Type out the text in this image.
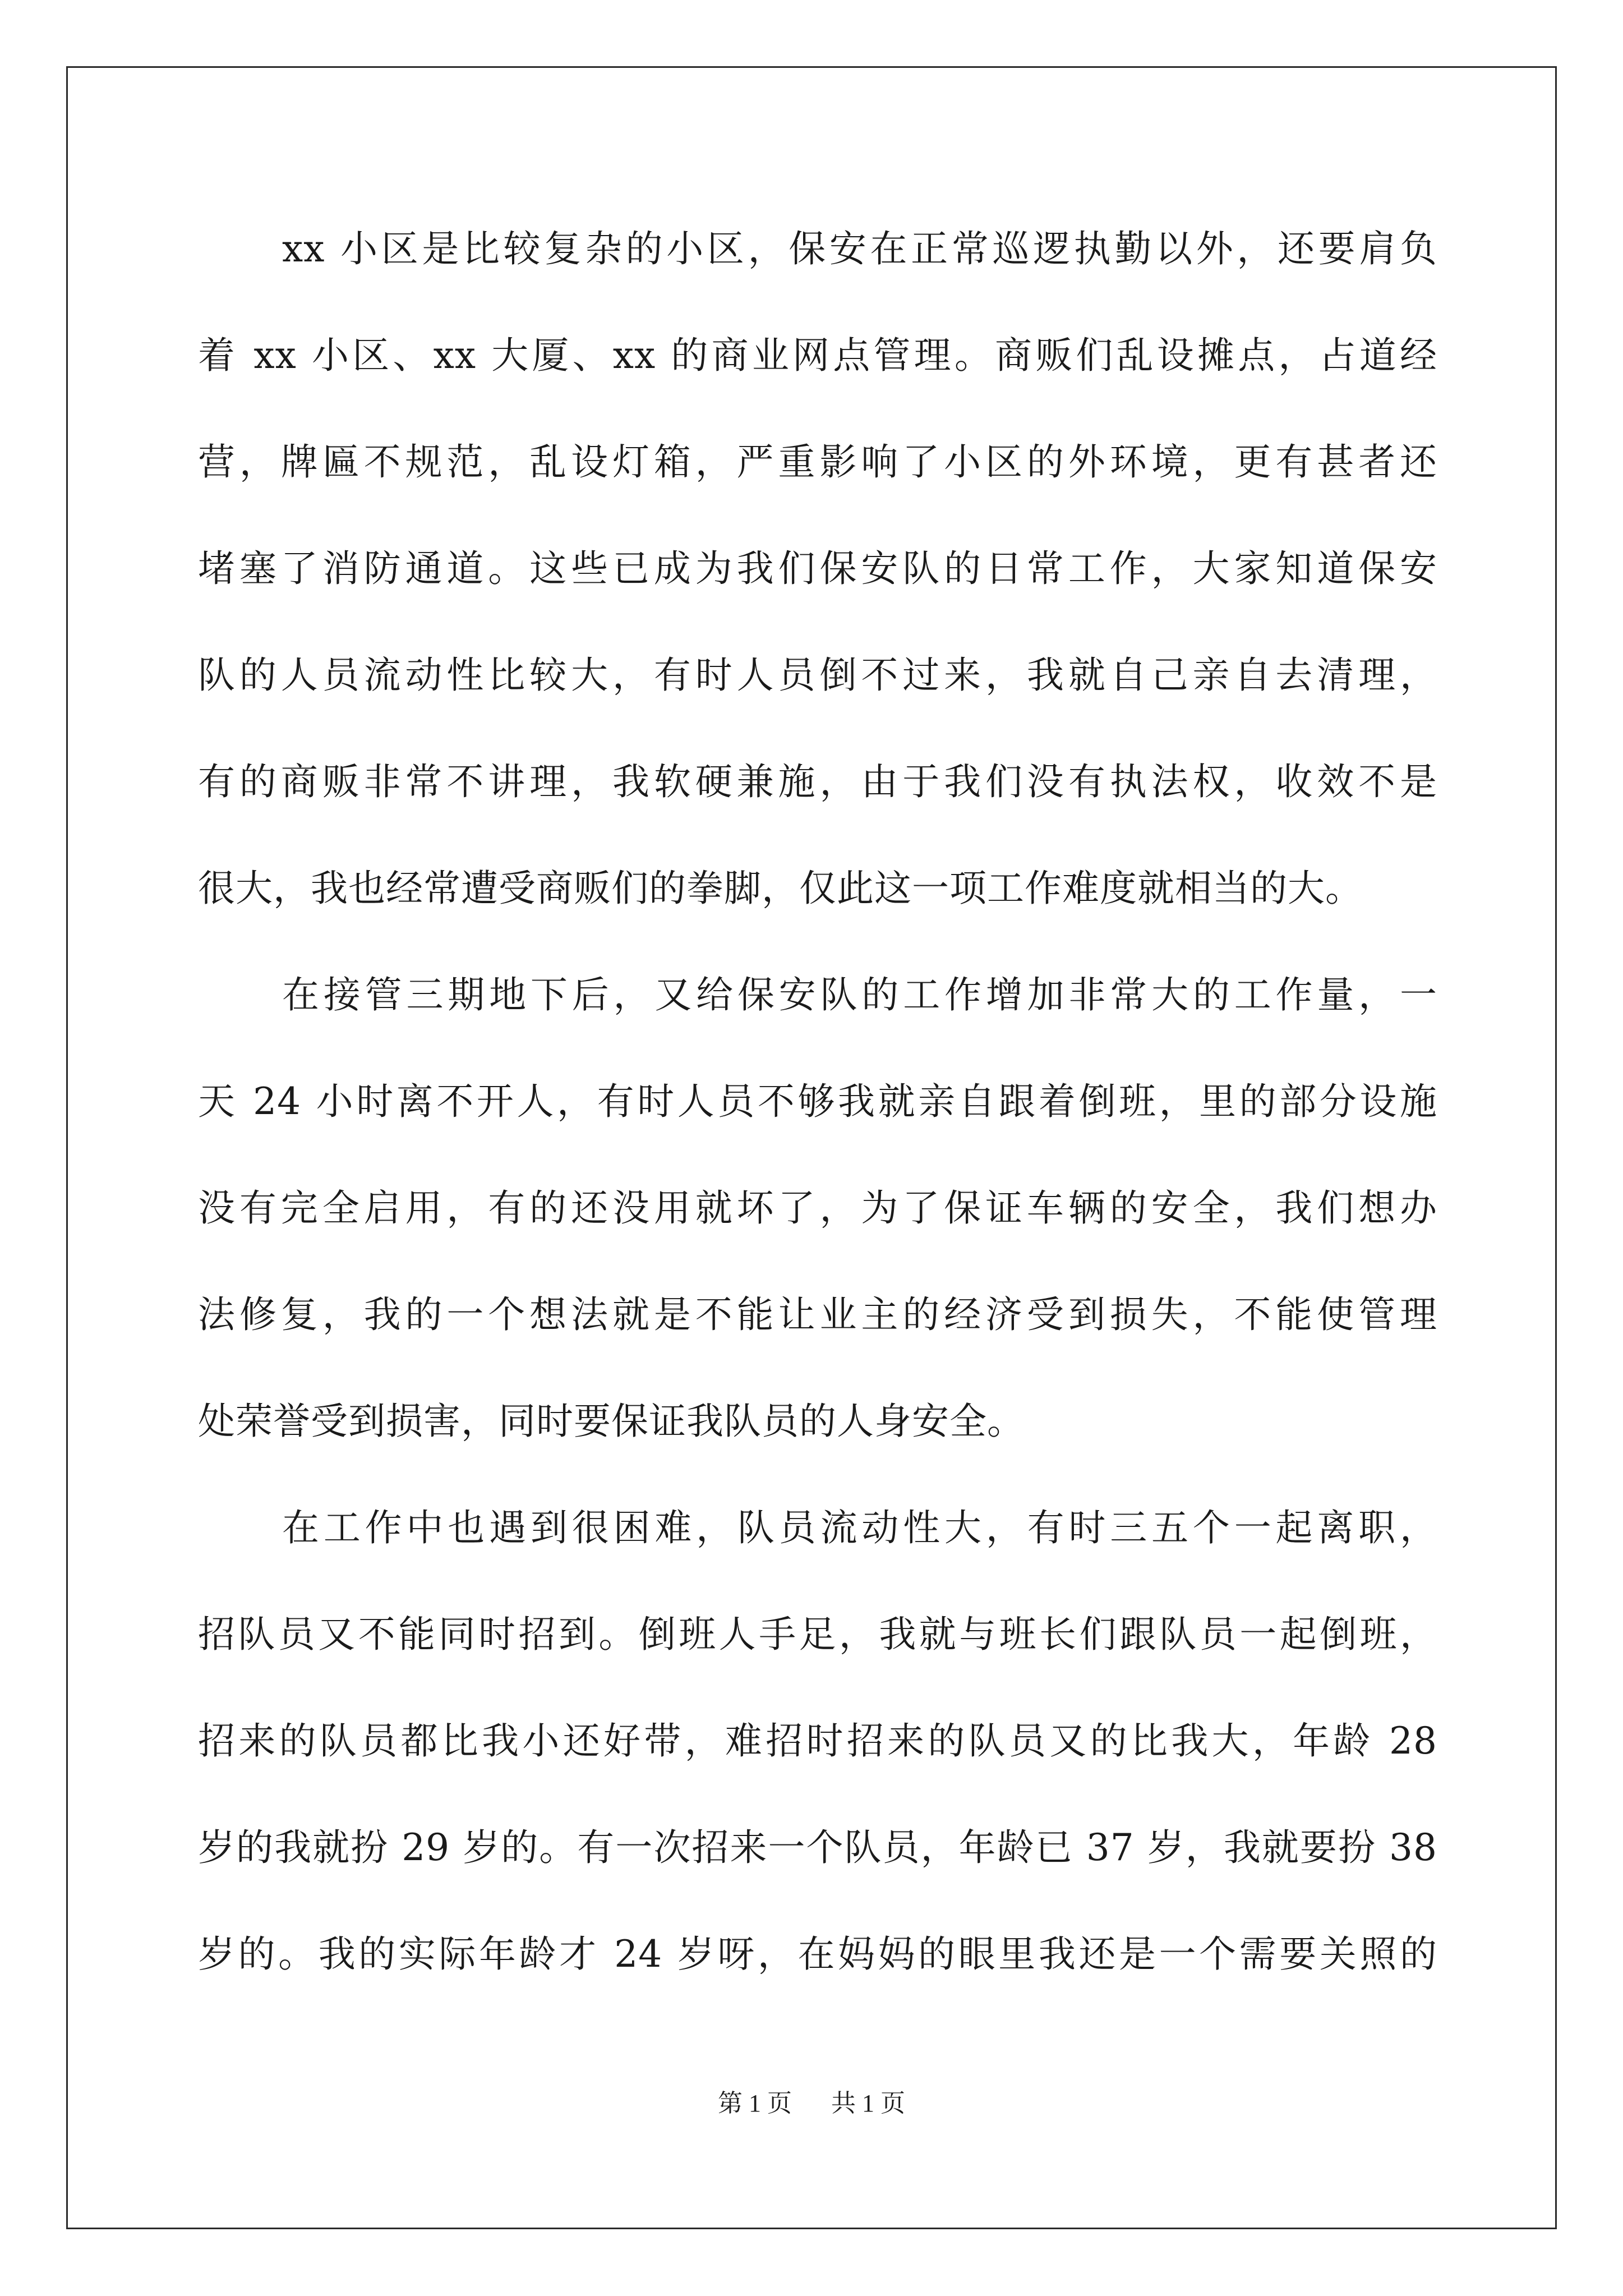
xx 小区是比较复杂的小区，保安在正常巡逻执勤以外，还要肩负
着 xx 小区、xx 大厦、xx 的商业网点管理。商贩们乱设摊点，占道经
营，牌匾不规范，乱设灯箱，严重影响了小区的外环境，更有甚者还
堵塞了消防通道。这些已成为我们保安队的日常工作，大家知道保安
队的人员流动性比较大，有时人员倒不过来，我就自己亲自去清理，
有的商贩非常不讲理，我软硬兼施，由于我们没有执法权，收效不是
很大，我也经常遭受商贩们的拳脚，仅此这一项工作难度就相当的大。
在接管三期地下后，又给保安队的工作增加非常大的工作量，一
天 24 小时离不开人，有时人员不够我就亲自跟着倒班，里的部分设施
没有完全启用，有的还没用就坏了，为了保证车辆的安全，我们想办
法修复，我的一个想法就是不能让业主的经济受到损失，不能使管理
处荣誉受到损害，同时要保证我队员的人身安全。
在工作中也遇到很困难，队员流动性大，有时三五个一起离职，
招队员又不能同时招到。倒班人手足，我就与班长们跟队员一起倒班，
招来的队员都比我小还好带，难招时招来的队员又的比我大，年龄 28
岁的我就扮 29 岁的。有一次招来一个队员，年龄已 37 岁，我就要扮 38
岁的。我的实际年龄才 24 岁呀，在妈妈的眼里我还是一个需要关照的
第 1 页 共 1 页
